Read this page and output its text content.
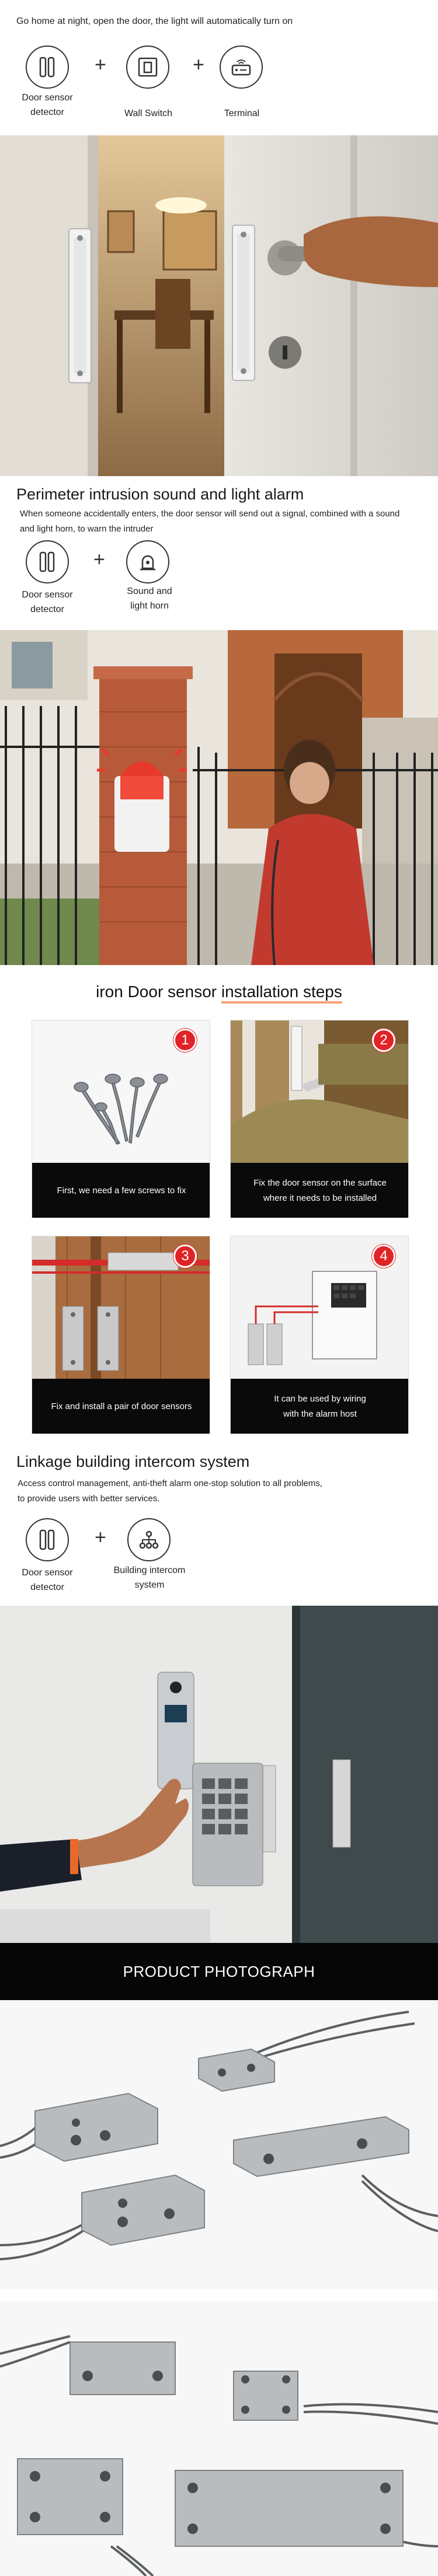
Go home at night, open the door, the light will automatically turn on
+	+
Door sensor
detector	Wall Switch	Terminal
Perimeter intrusion sound and light alarm
When someone accidentally enters, the door sensor will send out a signal, combined with a sound
and light horn, to warn the intruder
+
Door sensor
detector
Sound and
light horn
iron Door sensor installation steps
1
First, we need a few screws to fix
2
Fix the door sensor on the surface
where it needs to be installed
3
Fix and install a pair of door sensors
4
It can be used by wiring
with the alarm host
Linkage building intercom system
Access control management, anti-theft alarm one-stop solution to all problems,
to provide users with better services.
+
Door sensor
detector
Building intercom
system
PRODUCT PHOTOGRAPH
